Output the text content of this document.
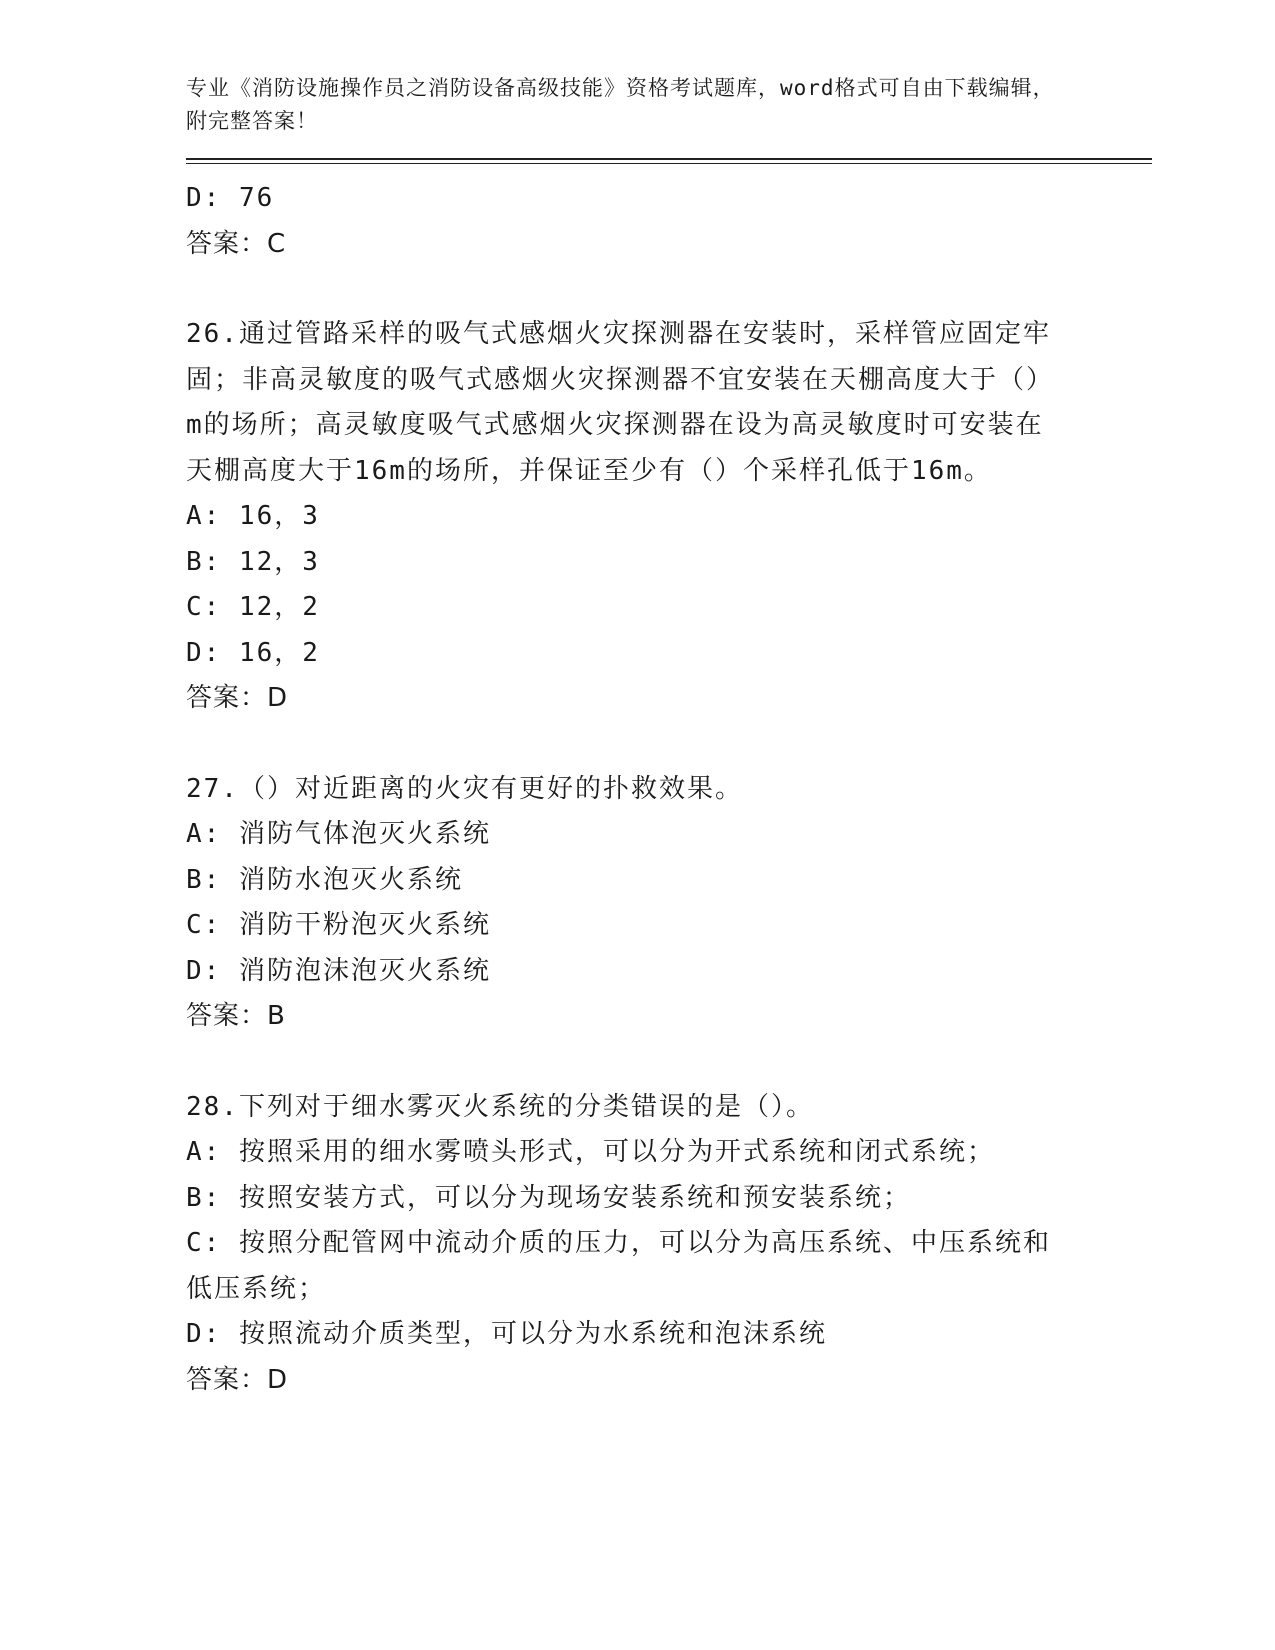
专业《消防设施操作员之消防设备高级技能》资格考试题库，word格式可自由下载编辑，附完整答案！
D: 76
答案：C
26.通过管路采样的吸气式感烟火灾探测器在安装时，采样管应固定牢固；非高灵敏度的吸气式感烟火灾探测器不宜安装在天棚高度大于（）m的场所；高灵敏度吸气式感烟火灾探测器在设为高灵敏度时可安装在天棚高度大于16m的场所，并保证至少有（）个采样孔低于16m。
A: 16，3
B: 12，3
C: 12，2
D: 16，2
答案：D
27.（）对近距离的火灾有更好的扑救效果。
A: 消防气体泡灭火系统
B: 消防水泡灭火系统
C: 消防干粉泡灭火系统
D: 消防泡沫泡灭火系统
答案：B
28.下列对于细水雾灭火系统的分类错误的是（）。
A: 按照采用的细水雾喷头形式，可以分为开式系统和闭式系统；
B: 按照安装方式，可以分为现场安装系统和预安装系统；
C: 按照分配管网中流动介质的压力，可以分为高压系统、中压系统和低压系统；
D: 按照流动介质类型，可以分为水系统和泡沫系统
答案：D
